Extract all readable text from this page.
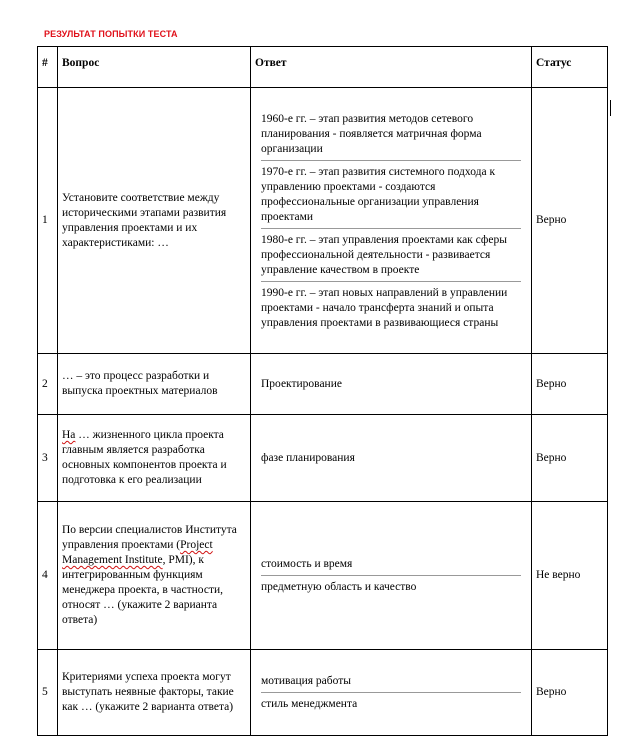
РЕЗУЛЬТАТ ПОПЫТКИ ТЕСТА
#	Вопрос	Ответ	Статус
1	Установите соответствие между историческими этапами развития управления проектами и их характеристиками: …	1960-е гг. – этап развития методов сетевого планирования - появляется матричная форма организации
1970-е гг. – этап развития системного подхода к управлению проектами - создаются профессиональные организации управления проектами
1980-е гг. – этап управления проектами как сферы профессиональной деятельности - развивается управление качеством в проекте
1990-е гг. – этап новых направлений в управлении проектами - начало трансферта знаний и опыта управления проектами в развивающиеся страны	Верно
2	… – это процесс разработки и выпуска проектных материалов	Проектирование	Верно
3	На … жизненного цикла проекта главным является разработка основных компонентов проекта и подготовка к его реализации	фазе планирования	Верно
4	По версии специалистов Института управления проектами (Project Management Institute, PMI), к интегрированным функциям менеджера проекта, в частности, относят … (укажите 2 варианта ответа)	стоимость и время
предметную область и качество	Не верно
5	Критериями успеха проекта могут выступать неявные факторы, такие как … (укажите 2 варианта ответа)	мотивация работы
стиль менеджмента	Верно
